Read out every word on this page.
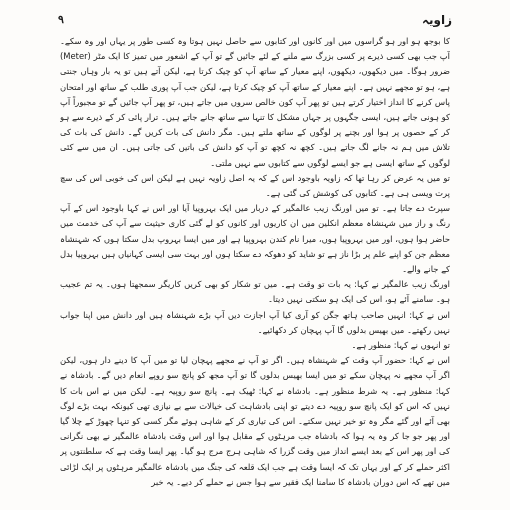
۹	زاویہ

کا بوجھ ہو اور ہو گراسوں میں اور کانوں اور کتابوں سے حاصل نہیں ہوتا وہ کسی طور پر یہاں اور وہ سکے۔ آپ جب بھی کسی ذیرے پر کسی بزرگ سے ملنے کے لئے جائیں گے تو آپ کے اشعور میں تمیز کا ایک مٹر (Meter) ضرور ہوگا۔ میں دیکھوں، دیکھوں، اپنے معیار کے ساتھ آپ کو چیک کرتا ہے، لیکن آتے ہیں تو یہ بار وہاں جنتی ہے، ہو تو مجھے نہیں ہے۔ اپنے معیار کے ساتھ آپ کو چیک کرتا ہے، لیکن جب آپ پوری طلب کے ساتھ اور امتحان پاس کرنے کا انداز اختیار کرتے ہیں تو پھر آپ کون خالص سروں میں جاتے ہیں، تو پھر آپ جائیں گے تو مجبوراً آپ کو ہونی جاتے ہیں، ایسی جگہوں پر جہاں مشکل کا تنہا سے ساتھ جانے جاتے ہیں۔ ترار پائی کر کے ذیرے سے ہو کر کے حصوں پر ہوا اور بچنے پر لوگوں کے ساتھ ملتے ہیں۔ مگر دانش کی بات کریں گے۔ دانش کی بات کی تلاش میں ہم نہ جانے لگ جاتے ہیں۔ کچھ نہ کچھ تو آپ کو دانش کی باتیں کی جاتی ہیں۔ ان میں سے کئی لوگوں کے ساتھ ایسی ہے جو ایسے لوگوں سے کتابوں سے نہیں ملتی۔

تو میں یہ عرض کر رہا تھا کہ زاویہ باوجود اس کے کہ یہ اصل زاویہ نہیں ہے لیکن اس کی خوبی اس کی سچ پرت ویسی ہی ہے۔ کتابوں کی کوشش کی گئی ہے۔

سپرٹ دے جاتا ہے۔ تو میں اورنگ زیب عالمگیر کے دربار میں ایک بہروپیا آیا اور اس نے کہا باوجود اس کے آپ رنگ و راز میں شہنشاہ معظم انکلین میں ان کاریوں اور کانوں کو لے گئی کاری حیثیت سے آپ کی خدمت میں حاضر ہوا ہوں، اور میں بہروپیا ہوں، میرا نام کندن بہروپیا ہے اور میں ایسا بہروپ بدل سکتا ہوں کہ شہنشاہ معظم جن کو اپنے علم پر بڑا ناز ہے تو شاید کو دھوکہ دے سکتا ہوں اور بہت سی ایسی کہانیاں ہیں بہروپیا بدل کے جانے والے۔

اورنگ زیب عالمگیر نے کہا: یہ بات تو وقت ہے۔ میں تو شکار کو بھی کریں کاریگر سمجھتا ہوں۔ یہ تم عجیب ہو۔ سامنے آئے ہو، اس کی ایک ہو سکتی نہیں دیتا۔

اس نے کہا: انہیں صاحب ہاتھ جگن کو آری کیا آپ اجازت دیں آپ بڑے شہنشاہ ہیں اور دانش میں اپنا جواب نہیں رکھتے۔ میں بھیس بدلوں گا آپ پہچان کر دکھائیے۔

تو انہوں نے کہا: منظور ہے۔

اس نے کہا: حضور آپ وقت کے شہنشاہ ہیں۔ اگر تو آپ نے مجھے پہچان لیا تو میں آپ کا دینے دار ہوں، لیکن اگر آپ مجھے نہ پہچان سکے تو میں ایسا بھیس بدلوں گا تو آپ مجھ کو پانچ سو روپے انعام دیں گے۔ بادشاہ نے کہا: منظور ہے۔ یہ شرط منظور ہے۔ بادشاہ نے کہا: ٹھیک ہے۔ پانچ سو روپیہ ہے۔ لیکن میں نے اس بات کا نہیں کہ اس کو ایک پانچ سو روپیہ دے دیتے تو اپنی بادشاہت کی خیالات سے بے نیازی تھی کیونکہ بہت بڑے لوگ بھی آئے اور گئے مگر وہ تو خیر نہیں سکتے۔ اس کی تیاری کر کے شاہی ہوئے مگر کسی کو تنہا چھوڑ کے چلا گیا اور پھر جو جا کر وہ یہ ہوا کہ بادشاہ جب مرہٹوں کے مقابل ہوا اور اس وقت بادشاہ عالمگیر نے بھی نگرانی کی اور پھر اس کے بعد ایسے انداز میں وقت گزرا کہ شاہی ہرج مرج ہو گیا۔ پھر ایسا وقت ہے کہ سلطنتوں پر اکثر حملے کر کے اور یہاں تک کہ ایسا وقت ہے جب ایک قلعہ کی جنگ میں بادشاہ عالمگیر مرہٹوں پر ایک لڑائی میں تھے کہ اس دوران بادشاہ کا سامنا ایک فقیر سے ہوا جس نے حملے کر دیے۔ یہ خبر
